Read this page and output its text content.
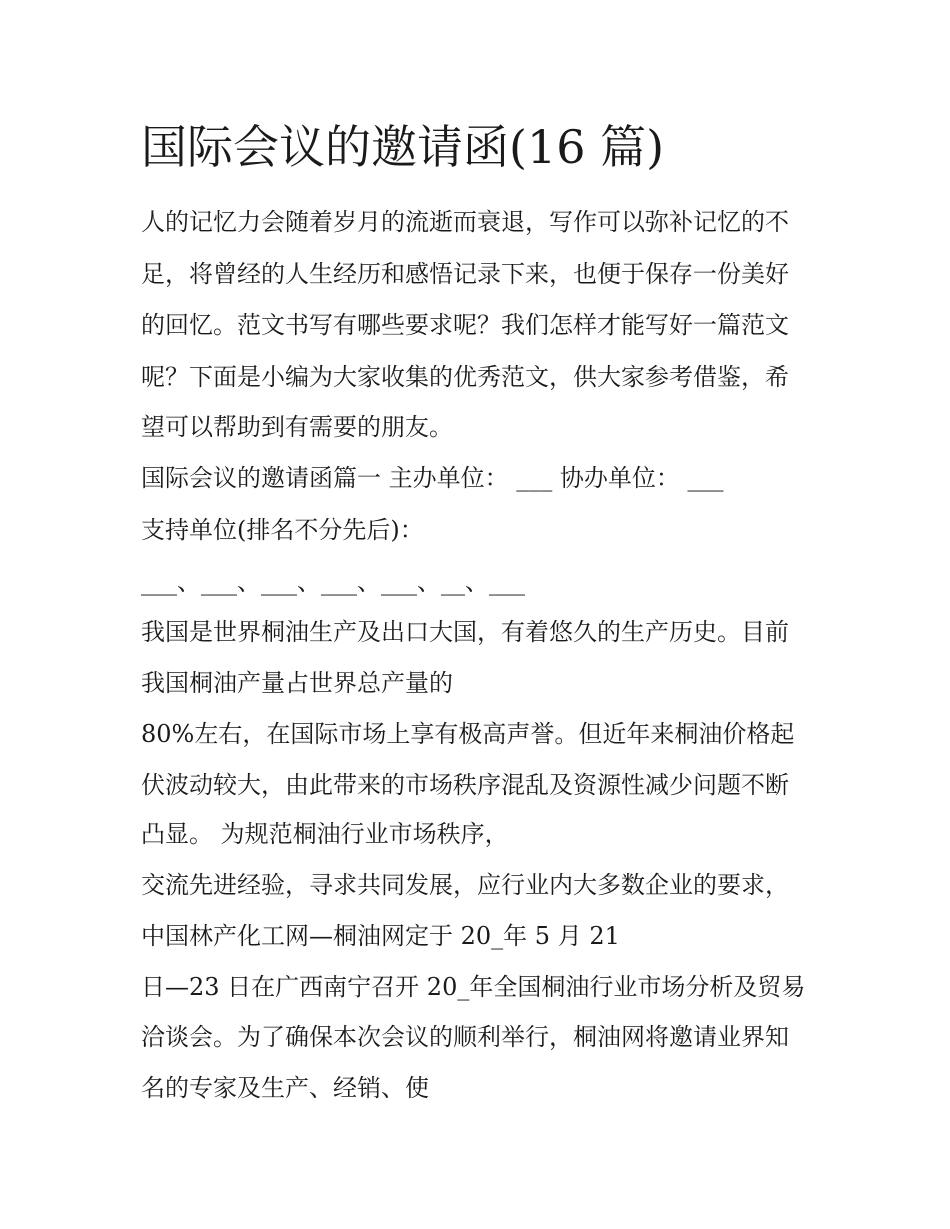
国际会议的邀请函(16 篇)
人的记忆力会随着岁月的流逝而衰退，写作可以弥补记忆的不
足，将曾经的人生经历和感悟记录下来，也便于保存一份美好
的回忆。范文书写有哪些要求呢？我们怎样才能写好一篇范文
呢？下面是小编为大家收集的优秀范文，供大家参考借鉴，希
望可以帮助到有需要的朋友。
国际会议的邀请函篇一 主办单位： ___ 协办单位： ___
支持单位(排名不分先后)：
___、___、___、___、___、__、___
我国是世界桐油生产及出口大国，有着悠久的生产历史。目前
我国桐油产量占世界总产量的
80%左右，在国际市场上享有极高声誉。但近年来桐油价格起
伏波动较大，由此带来的市场秩序混乱及资源性减少问题不断
凸显。 为规范桐油行业市场秩序，
交流先进经验，寻求共同发展，应行业内大多数企业的要求，
中国林产化工网—桐油网定于 20_年 5 月 21
日—23 日在广西南宁召开 20_年全国桐油行业市场分析及贸易
洽谈会。为了确保本次会议的顺利举行，桐油网将邀请业界知
名的专家及生产、经销、使
